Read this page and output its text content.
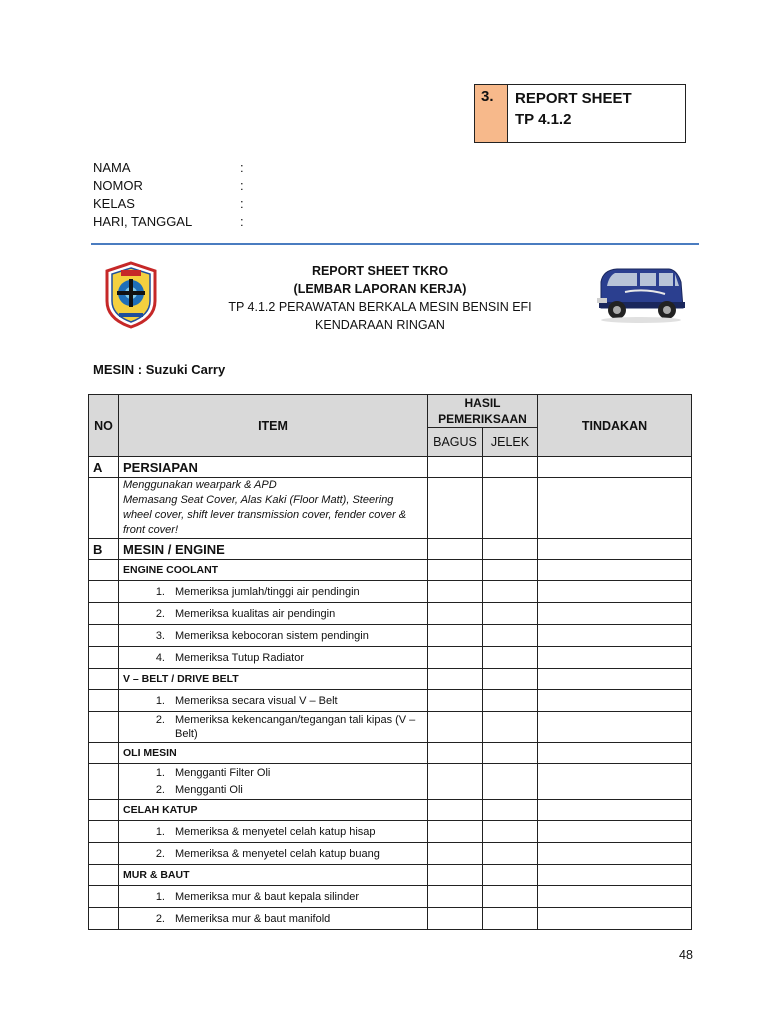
3.	REPORT SHEET
TP 4.1.2
NAMA	:
NOMOR	:
KELAS	:
HARI, TANGGAL	:
REPORT SHEET TKRO
(LEMBAR LAPORAN KERJA)
TP 4.1.2 PERAWATAN BERKALA MESIN BENSIN EFI
KENDARAAN RINGAN
MESIN : Suzuki Carry
NO	ITEM	HASIL PEMERIKSAAN		TINDAKAN
		BAGUS	JELEK	
A	PERSIAPAN			

	Menggunakan wearpark & APD
Memasang Seat Cover, Alas Kaki (Floor Matt), Steering wheel cover, shift lever transmission cover, fender cover & front cover!			

B	MESIN / ENGINE			
	ENGINE COOLANT			

	1. Memeriksa jumlah/tinggi air pendingin			

	2. Memeriksa kualitas air pendingin			

	3. Memeriksa kebocoran sistem pendingin			

	4. Memeriksa Tutup Radiator			

	V – BELT / DRIVE BELT			

	1. Memeriksa secara visual V – Belt			

	2. Memeriksa kekencangan/tegangan tali kipas (V – Belt)			

	OLI MESIN			

	1. Mengganti Filter Oli
2. Mengganti Oli			

	CELAH KATUP			

	1. Memeriksa & menyetel celah katup hisap			

	2. Memeriksa & menyetel celah katup buang			

	MUR & BAUT			

	1. Memeriksa mur & baut kepala silinder			

	2. Memeriksa mur & baut manifold			

48
